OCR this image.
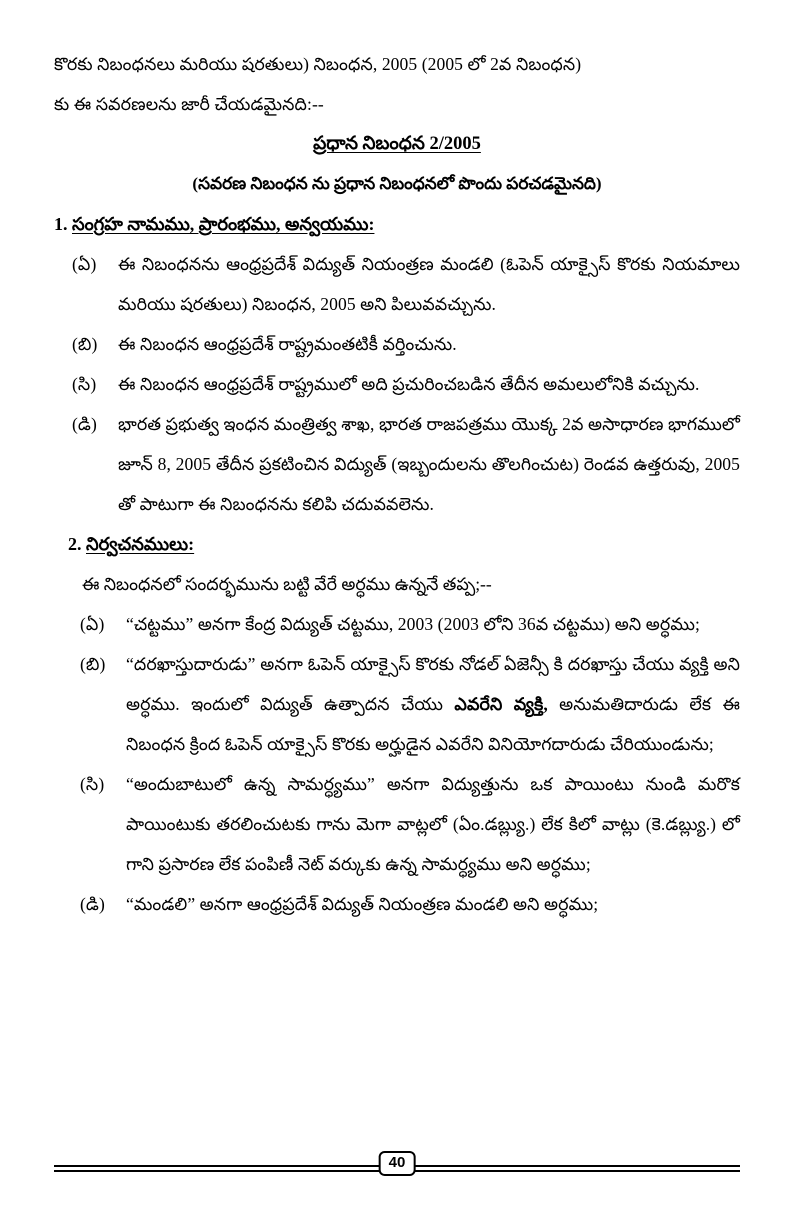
కొరకు నిబంధనలు మరియు షరతులు) నిబంధన, 2005 (2005 లో 2వ నిబంధన)

కు ఈ సవరణలను జారీ చేయడమైనది:--

ప్రధాన నిబంధన 2/2005

(సవరణ నిబంధన ను ప్రధాన నిబంధనలో పొందు పరచడమైనది)

1. సంగ్రహ నామము, ప్రారంభము, అన్వయము:

(ఏ)	ఈ నిబంధనను ఆంధ్రప్రదేశ్ విద్యుత్ నియంత్రణ మండలి (ఓపెన్ యాక్సైస్ కొరకు నియమాలు మరియు షరతులు) నిబంధన, 2005 అని పిలువవచ్చును.
(బి)	ఈ నిబంధన ఆంధ్రప్రదేశ్ రాష్ట్రమంతటికీ వర్తించును.
(సి)	ఈ నిబంధన ఆంధ్రప్రదేశ్ రాష్ట్రములో అది ప్రచురించబడిన తేదీన అమలులోనికి వచ్చును.
(డి)	భారత ప్రభుత్వ ఇంధన మంత్రిత్వ శాఖ, భారత రాజపత్రము యొక్క 2వ అసాధారణ భాగములో జూన్ 8, 2005 తేదీన ప్రకటించిన విద్యుత్ (ఇబ్బందులను తొలగించుట) రెండవ ఉత్తరువు, 2005 తో పాటుగా ఈ నిబంధనను కలిపి చదువవలెను.

2. నిర్వచనములు:

ఈ నిబంధనలో సందర్భమును బట్టి వేరే అర్ధము ఉన్ననే తప్ప;--

(ఏ)	“చట్టము” అనగా కేంద్ర విద్యుత్ చట్టము, 2003 (2003 లోని 36వ చట్టము) అని అర్ధము;
(బి)	“దరఖాస్తుదారుడు” అనగా ఓపెన్ యాక్సైస్ కొరకు నోడల్ ఏజెన్సీ కి దరఖాస్తు చేయు వ్యక్తి అని అర్ధము. ఇందులో విద్యుత్ ఉత్పాదన చేయు ఎవరేని వ్యక్తి, అనుమతిదారుడు లేక ఈ నిబంధన క్రింద ఓపెన్ యాక్సైస్ కొరకు అర్హుడైన ఎవరేని వినియోగదారుడు చేరియుండును;
(సి)	“అందుబాటులో ఉన్న సామర్ధ్యము” అనగా విద్యుత్తును ఒక పాయింటు నుండి మరొక పాయింటుకు తరలించుటకు గాను మెగా వాట్లలో (ఏం.డబ్ల్యు.) లేక కిలో వాట్లు (కె.డబ్ల్యు.) లో గాని ప్రసారణ లేక పంపిణీ నెట్ వర్కుకు ఉన్న సామర్ధ్యము అని అర్ధము;
(డి)	“మండలి” అనగా ఆంధ్రప్రదేశ్ విద్యుత్ నియంత్రణ మండలి అని అర్ధము;
40
